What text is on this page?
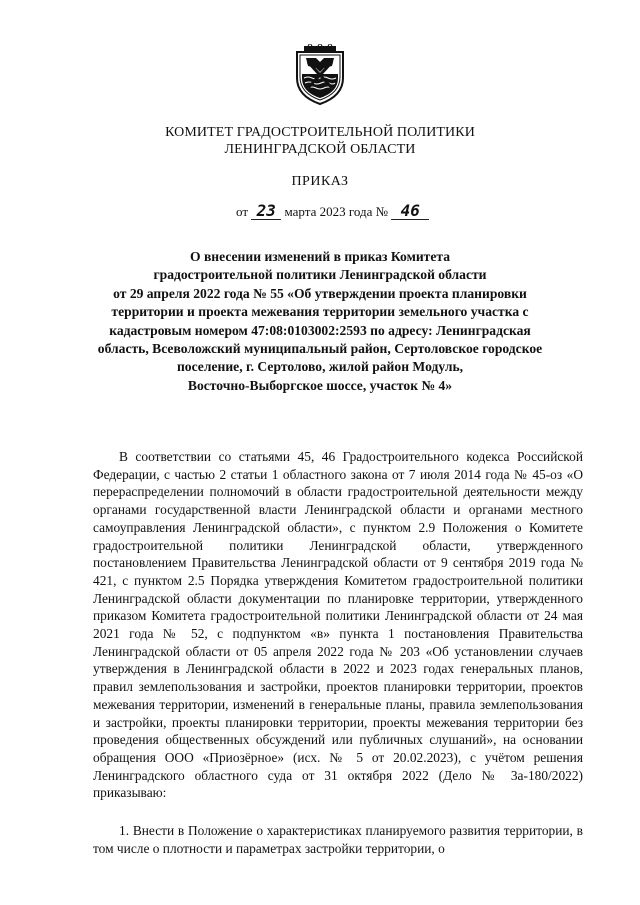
КОМИТЕТ ГРАДОСТРОИТЕЛЬНОЙ ПОЛИТИКИ
ЛЕНИНГРАДСКОЙ ОБЛАСТИ
ПРИКАЗ
от 23 марта 2023 года № 46
О внесении изменений в приказ Комитета
градостроительной политики Ленинградской области
от 29 апреля 2022 года № 55 «Об утверждении проекта планировки
территории и проекта межевания территории земельного участка с
кадастровым номером 47:08:0103002:2593 по адресу: Ленинградская
область, Всеволожский муниципальный район, Сертоловское городское
поселение, г. Сертолово, жилой район Модуль,
Восточно-Выборгское шоссе, участок № 4»
В соответствии со статьями 45, 46 Градостроительного кодекса Российской Федерации, с частью 2 статьи 1 областного закона от 7 июля 2014 года № 45-оз «О перераспределении полномочий в области градостроительной деятельности между органами государственной власти Ленинградской области и органами местного самоуправления Ленинградской области», с пунктом 2.9 Положения о Комитете градостроительной политики Ленинградской области, утвержденного постановлением Правительства Ленинградской области от 9 сентября 2019 года № 421, с пунктом 2.5 Порядка утверждения Комитетом градостроительной политики Ленинградской области документации по планировке территории, утвержденного приказом Комитета градостроительной политики Ленинградской области от 24 мая 2021 года № 52, с подпунктом «в» пункта 1 постановления Правительства Ленинградской области от 05 апреля 2022 года № 203 «Об установлении случаев утверждения в Ленинградской области в 2022 и 2023 годах генеральных планов, правил землепользования и застройки, проектов планировки территории, проектов межевания территории, изменений в генеральные планы, правила землепользования и застройки, проекты планировки территории, проекты межевания территории без проведения общественных обсуждений или публичных слушаний», на основании обращения ООО «Приозёрное» (исх. № 5 от 20.02.2023), с учётом решения Ленинградского областного суда от 31 октября 2022 (Дело № 3а-180/2022) приказываю:
1. Внести в Положение о характеристиках планируемого развития территории, в том числе о плотности и параметрах застройки территории, о
